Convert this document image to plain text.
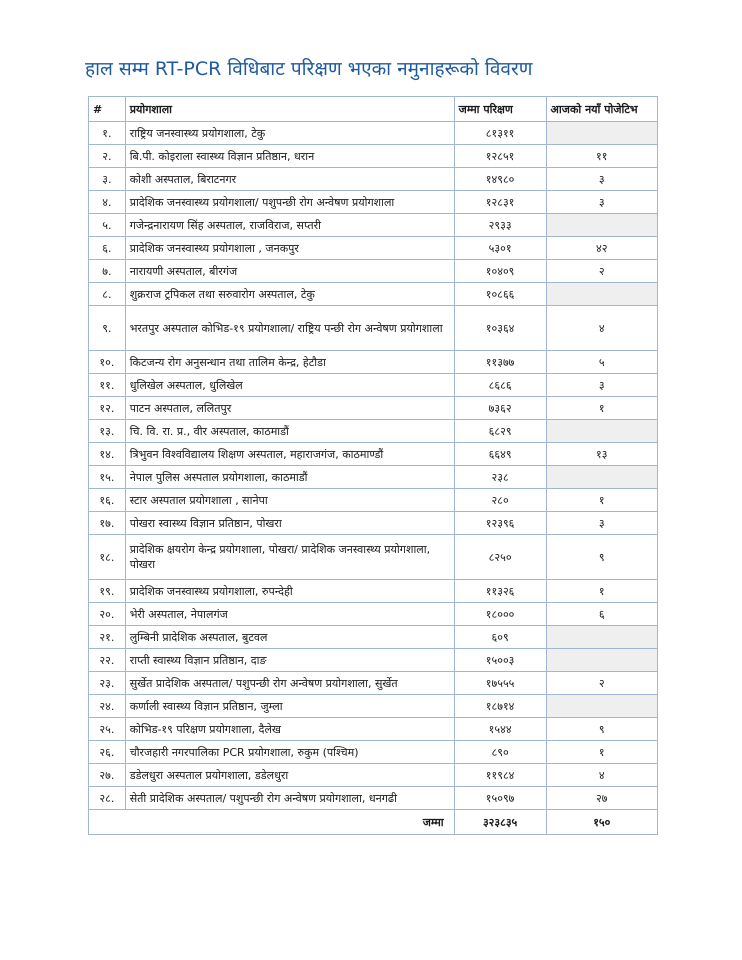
हाल सम्म RT-PCR विधिबाट परिक्षण भएका नमुनाहरूको विवरण
#	प्रयोगशाला	जम्मा परिक्षण	आजको नयाँ पोजेटिभ
१.	राष्ट्रिय जनस्वास्थ्य प्रयोगशाला, टेकु	८१३११	
२.	बि.पी. कोइराला स्वास्थ्य विज्ञान प्रतिष्ठान, धरान	१२८५१	११
३.	कोशी अस्पताल, बिराटनगर	१४९८०	३
४.	प्रादेशिक जनस्वास्थ्य प्रयोगशाला/ पशुपन्छी रोग अन्वेषण प्रयोगशाला	१२८३१	३
५.	गजेन्द्रनारायण सिंह अस्पताल, राजविराज, सप्तरी	२९३३	
६.	प्रादेशिक जनस्वास्थ्य प्रयोगशाला , जनकपुर	५३०१	४२
७.	नारायणी अस्पताल, बीरगंज	१०४०९	२
८.	शुक्रराज ट्रपिकल तथा सरुवारोग अस्पताल, टेकु	१०८६६	
९.	भरतपुर अस्पताल कोभिड-१९ प्रयोगशाला/ राष्ट्रिय पन्छी रोग अन्वेषण प्रयोगशाला	१०३६४	४
१०.	किटजन्य रोग अनुसन्धान तथा तालिम केन्द्र, हेटौडा	११३७७	५
११.	धुलिखेल अस्पताल, धुलिखेल	८६८६	३
१२.	पाटन अस्पताल, ललितपुर	७३६२	१
१३.	चि. वि. रा. प्र., वीर अस्पताल, काठमाडौं	६८२९	
१४.	त्रिभुवन विश्वविद्यालय शिक्षण अस्पताल, महाराजगंज, काठमाण्डौं	६६४९	१३
१५.	नेपाल पुलिस अस्पताल प्रयोगशाला, काठमाडौं	२३८	
१६.	स्टार अस्पताल प्रयोगशाला , सानेपा	२८०	१
१७.	पोखरा स्वास्थ्य विज्ञान प्रतिष्ठान, पोखरा	१२३९६	३
१८.	प्रादेशिक क्षयरोग केन्द्र प्रयोगशाला, पोखरा/ प्रादेशिक जनस्वास्थ्य प्रयोगशाला, पोखरा	८२५०	९
१९.	प्रादेशिक जनस्वास्थ्य प्रयोगशाला, रुपन्देही	११३२६	१
२०.	भेरी अस्पताल, नेपालगंज	१८०००	६
२१.	लुम्बिनी प्रादेशिक अस्पताल, बुटवल	६०९	
२२.	राप्ती स्वास्थ्य विज्ञान प्रतिष्ठान, दाङ	१५००३	
२३.	सुर्खेत प्रादेशिक अस्पताल/ पशुपन्छी रोग अन्वेषण प्रयोगशाला, सुर्खेत	१७५५५	२
२४.	कर्णाली स्वास्थ्य विज्ञान प्रतिष्ठान, जुम्ला	१८७१४	
२५.	कोभिड-१९ परिक्षण प्रयोगशाला, दैलेख	१५४४	९
२६.	चौरजहारी नगरपालिका PCR प्रयोगशाला, रुकुम (पश्चिम)	८९०	१
२७.	डडेलधुरा अस्पताल प्रयोगशाला, डडेलधुरा	११९८४	४
२८.	सेती प्रादेशिक अस्पताल/ पशुपन्छी रोग अन्वेषण प्रयोगशाला, धनगढी	१५०९७	२७
जम्मा		३२३८३५	१५०
